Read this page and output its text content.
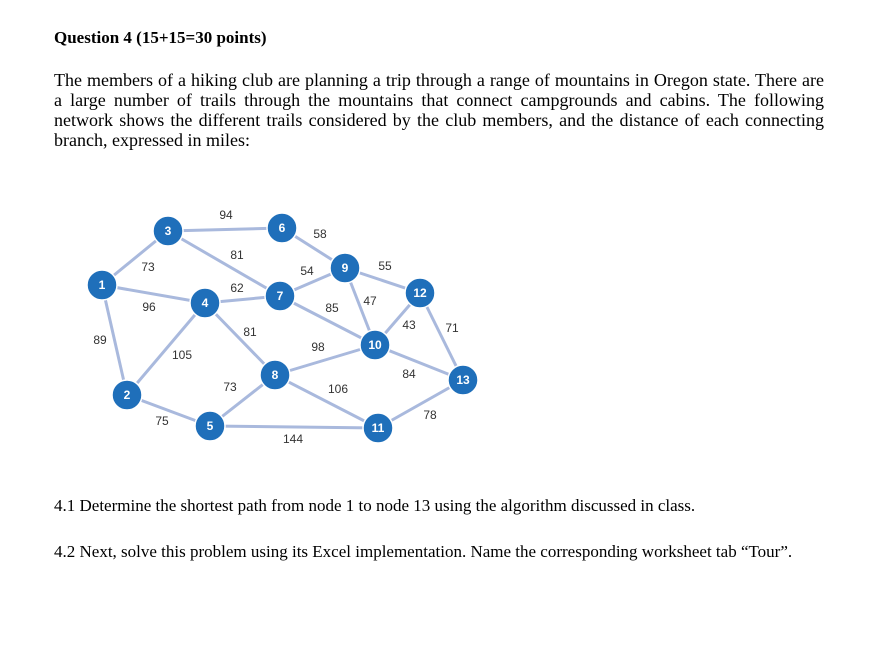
Question 4 (15+15=30 points)

The members of a hiking club are planning a trip through a range of mountains in Oregon state. There are a large number of trails through the mountains that connect campgrounds and cabins. The following network shows the different trails considered by the club members, and the distance of each connecting branch, expressed in miles:

89
73
96
105
75
94
81
62
81
73
144
58
54
85
98
106
47
55
43
84
78
71
1
2
3
4
5
6
7
8
9
10
11
12
13

4.1 Determine the shortest path from node 1 to node 13 using the algorithm discussed in class.

4.2 Next, solve this problem using its Excel implementation. Name the corresponding worksheet tab “Tour”.
